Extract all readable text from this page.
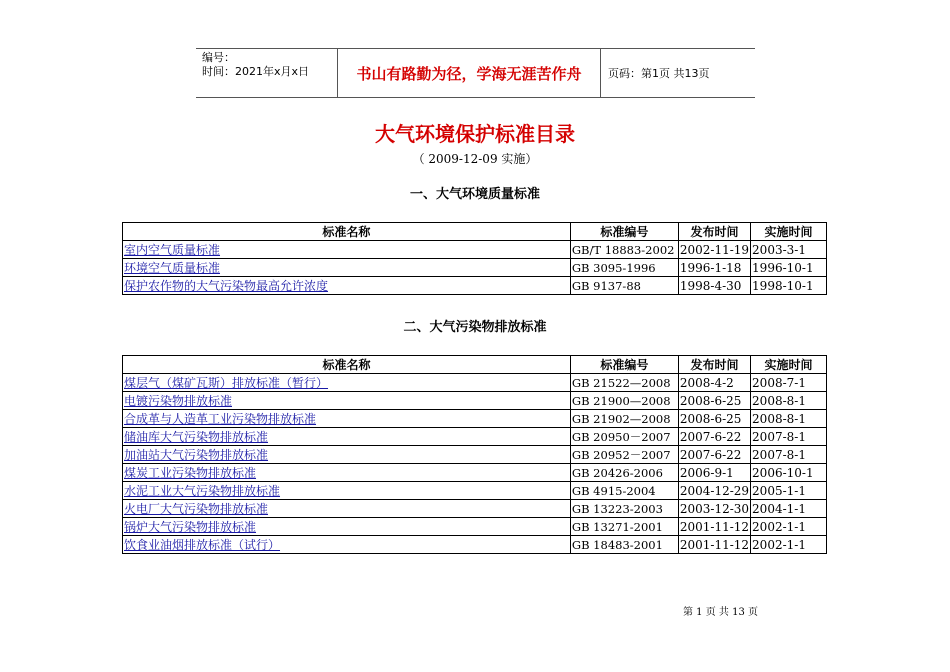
编号：
时间：2021年x月x日	书山有路勤为径，学海无涯苦作舟	页码：第1页 共13页
大气环境保护标准目录
（ 2009-12-09 实施）
一、大气环境质量标准
标准名称	标准编号	发布时间	实施时间
室内空气质量标准	GB/T 18883-2002	2002-11-19	2003-3-1
环境空气质量标准	GB 3095-1996	1996-1-18	1996-10-1
保护农作物的大气污染物最高允许浓度	GB 9137-88	1998-4-30	1998-10-1
二、大气污染物排放标准
标准名称	标准编号	发布时间	实施时间
煤层气（煤矿瓦斯）排放标准（暂行）	GB 21522—2008	2008-4-2	2008-7-1
电镀污染物排放标准	GB 21900—2008	2008-6-25	2008-8-1
合成革与人造革工业污染物排放标准	GB 21902—2008	2008-6-25	2008-8-1
储油库大气污染物排放标准	GB 20950－2007	2007-6-22	2007-8-1
加油站大气污染物排放标准	GB 20952－2007	2007-6-22	2007-8-1
煤炭工业污染物排放标准	GB 20426-2006	2006-9-1	2006-10-1
水泥工业大气污染物排放标准	GB 4915-2004	2004-12-29	2005-1-1
火电厂大气污染物排放标准	GB 13223-2003	2003-12-30	2004-1-1
锅炉大气污染物排放标准	GB 13271-2001	2001-11-12	2002-1-1
饮食业油烟排放标准（试行）	GB 18483-2001	2001-11-12	2002-1-1
第 1 页 共 13 页
